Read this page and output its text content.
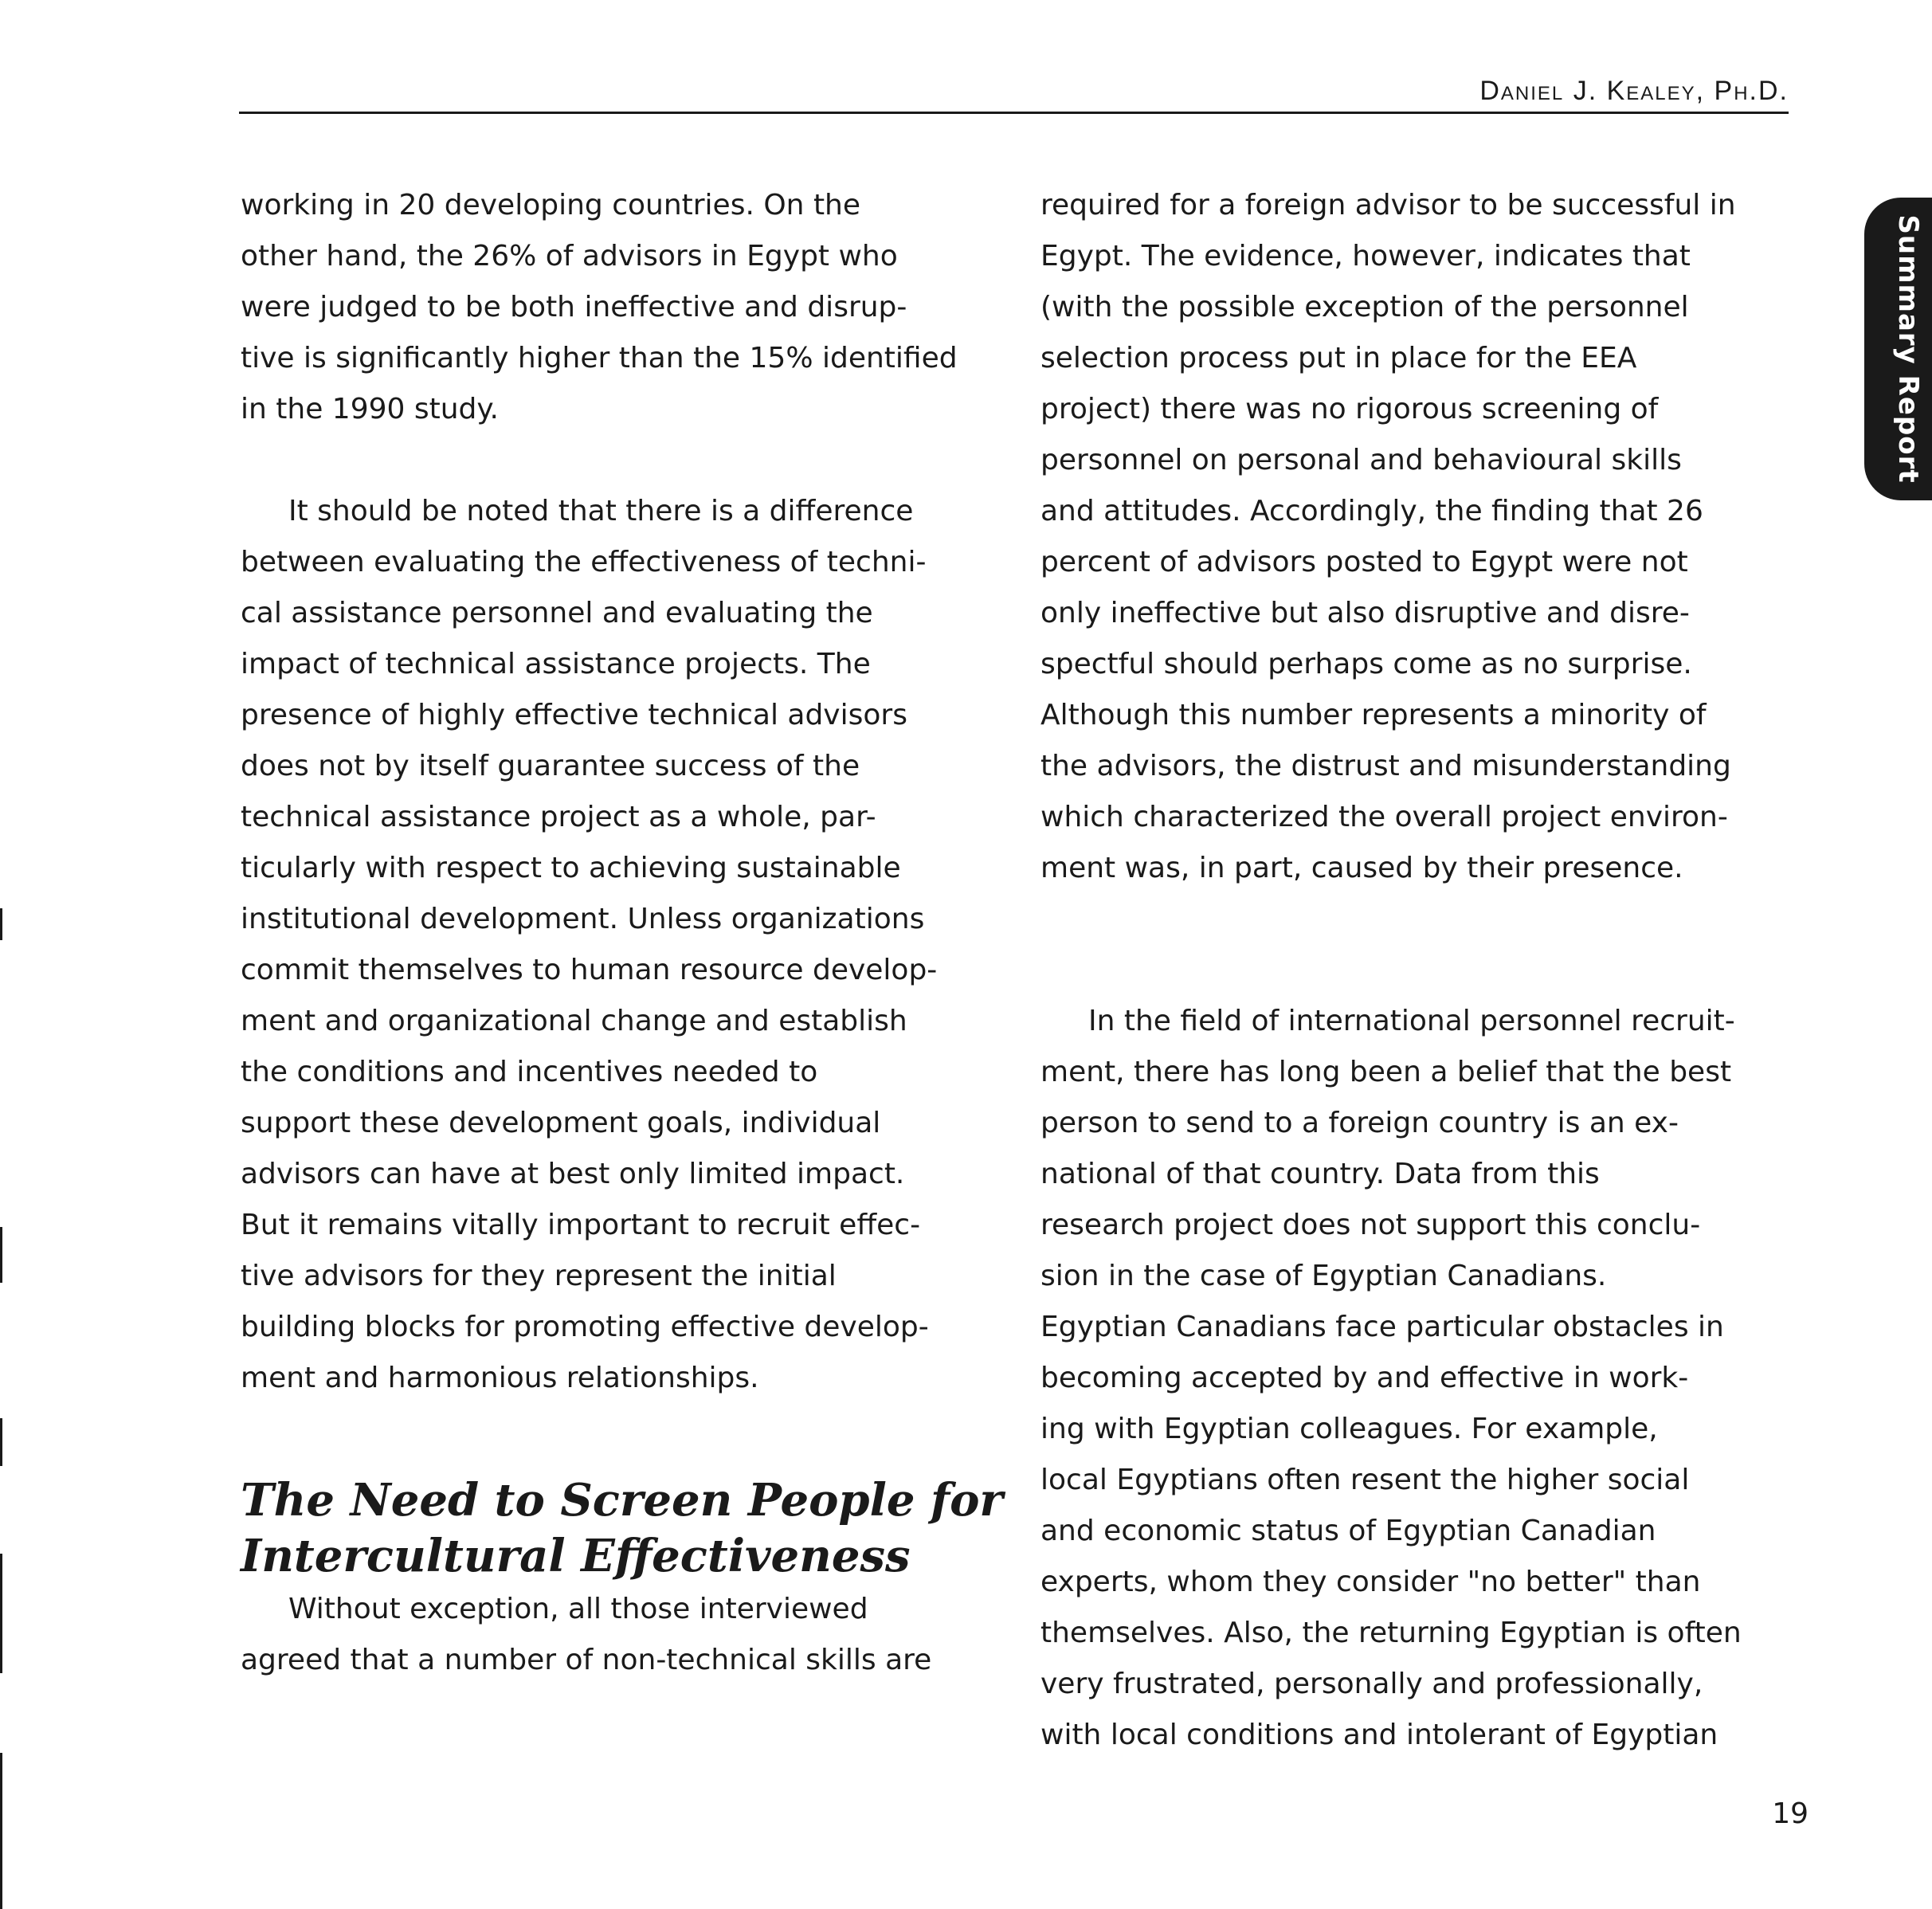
Daniel J. Kealey, Ph.D.
Summary Report
working in 20 developing countries. On the
other hand, the 26% of advisors in Egypt who
were judged to be both ineffective and disrup-
tive is significantly higher than the 15% identified
in the 1990 study.
It should be noted that there is a difference
between evaluating the effectiveness of techni-
cal assistance personnel and evaluating the
impact of technical assistance projects. The
presence of highly effective technical advisors
does not by itself guarantee success of the
technical assistance project as a whole, par-
ticularly with respect to achieving sustainable
institutional development. Unless organizations
commit themselves to human resource develop-
ment and organizational change and establish
the conditions and incentives needed to
support these development goals, individual
advisors can have at best only limited impact.
But it remains vitally important to recruit effec-
tive advisors for they represent the initial
building blocks for promoting effective develop-
ment and harmonious relationships.
The Need to Screen People for
Intercultural Effectiveness
Without exception, all those interviewed
agreed that a number of non-technical skills are
required for a foreign advisor to be successful in
Egypt. The evidence, however, indicates that
(with the possible exception of the personnel
selection process put in place for the EEA
project) there was no rigorous screening of
personnel on personal and behavioural skills
and attitudes. Accordingly, the finding that 26
percent of advisors posted to Egypt were not
only ineffective but also disruptive and disre-
spectful should perhaps come as no surprise.
Although this number represents a minority of
the advisors, the distrust and misunderstanding
which characterized the overall project environ-
ment was, in part, caused by their presence.
In the field of international personnel recruit-
ment, there has long been a belief that the best
person to send to a foreign country is an ex-
national of that country. Data from this
research project does not support this conclu-
sion in the case of Egyptian Canadians.
Egyptian Canadians face particular obstacles in
becoming accepted by and effective in work-
ing with Egyptian colleagues. For example,
local Egyptians often resent the higher social
and economic status of Egyptian Canadian
experts, whom they consider "no better" than
themselves. Also, the returning Egyptian is often
very frustrated, personally and professionally,
with local conditions and intolerant of Egyptian
19
